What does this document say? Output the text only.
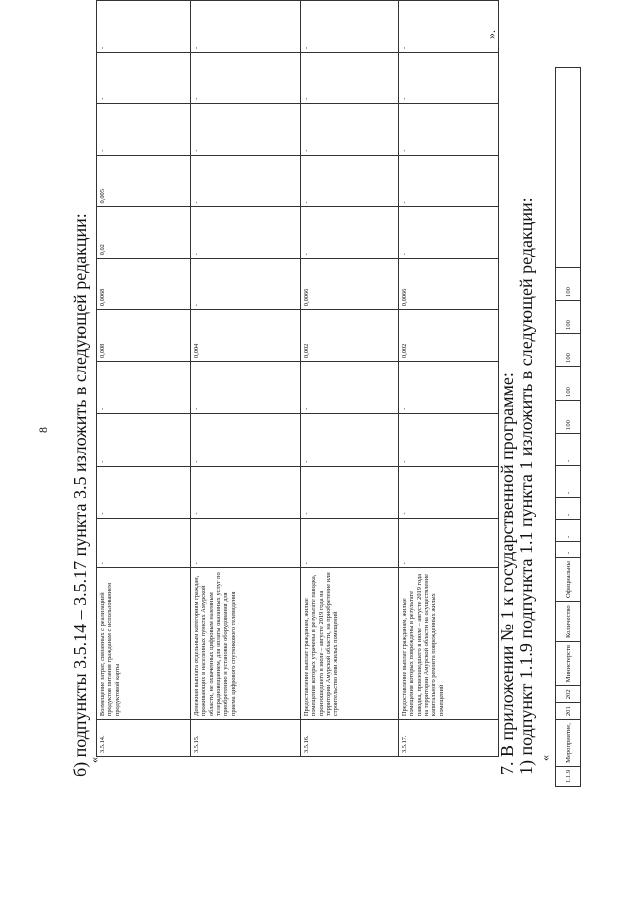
8 б) подпункты 3.5.14 – 3.5.17 пункта 3.5 изложить в следующей редакции:
«
3.5.14.	Возмещение затрат, связанных с реализацией продуктов питания гражданам с использованием продуктовой карты	-	-	-	-	0,008	0,0068	0,02	0,005	-	-	-
3.5.15.	Денежная выплата отдельным категориям граждан, проживающих в населенных пунктах Амурской области, не охваченных цифровым наземным телерадиовещанием, для оплаты оказанных услуг по приобретению и установке оборудования для приема цифрового спутникового телевидения	-	-	-	-	0,004	-	-	-	-	-	-
3.5.16.	Предоставление выплат гражданам, жилые помещения которых утрачены в результате паводка, произошедшего в июле – августе 2019 года на территории Амурской области, на приобретение или строительство ими жилых помещений	-	-	-	-	0,002	0,0066	-	-	-	-	-
3.5.17.	Предоставление выплат гражданам, жилые помещения которых повреждены в результате паводка, произошедшего в июле – августе 2019 года на территории Амурской области на осуществление капитального ремонта поврежденных жилых помещений	-	-	-	-	0,002	0,0066	-	-	-	-	-
».
7. В приложении № 1 к государственной программе: 1) подпункт 1.1.9 подпункта 1.1 пункта 1 изложить в следующей редакции: «
1.1.9	Мероприятие,	201	202	Министерств	Количество	Официальны	-	-	-	-	-	100	100	100	100	100	
